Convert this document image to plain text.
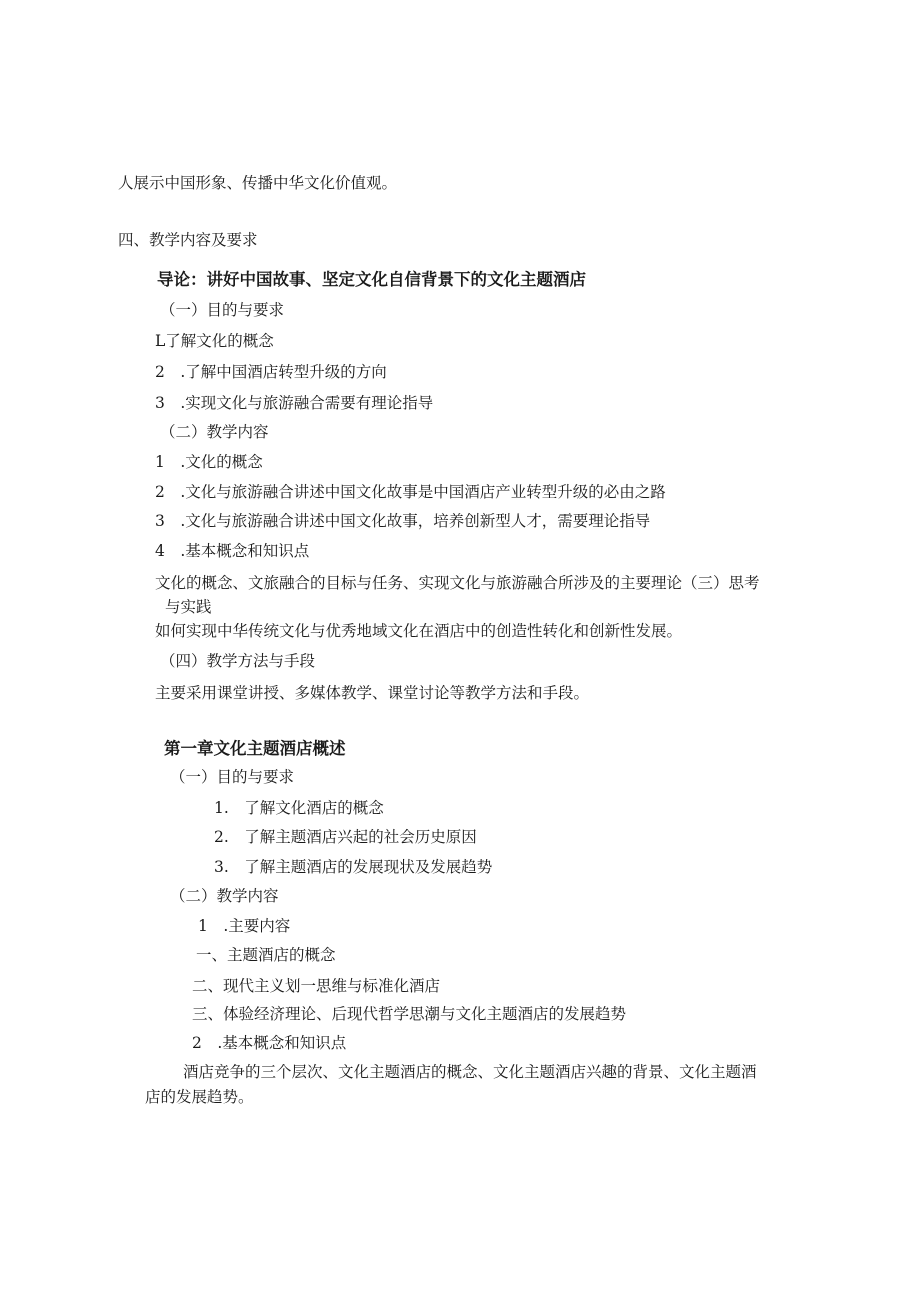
人展示中国形象、传播中华文化价值观。
四、教学内容及要求
导论：讲好中国故事、坚定文化自信背景下的文化主题酒店
（一）目的与要求
L了解文化的概念
2　.了解中国酒店转型升级的方向
3　.实现文化与旅游融合需要有理论指导
（二）教学内容
1　.文化的概念
2　.文化与旅游融合讲述中国文化故事是中国酒店产业转型升级的必由之路
3　.文化与旅游融合讲述中国文化故事，培养创新型人才，需要理论指导
4　.基本概念和知识点
文化的概念、文旅融合的目标与任务、实现文化与旅游融合所涉及的主要理论（三）思考
与实践
如何实现中华传统文化与优秀地域文化在酒店中的创造性转化和创新性发展。
（四）教学方法与手段
主要采用课堂讲授、多媒体教学、课堂讨论等教学方法和手段。
第一章文化主题酒店概述
（一）目的与要求
1.　了解文化酒店的概念
2.　了解主题酒店兴起的社会历史原因
3.　了解主题酒店的发展现状及发展趋势
（二）教学内容
1　.主要内容
一、主题酒店的概念
二、现代主义划一思维与标准化酒店
三、体验经济理论、后现代哲学思潮与文化主题酒店的发展趋势
2　.基本概念和知识点
酒店竞争的三个层次、文化主题酒店的概念、文化主题酒店兴趣的背景、文化主题酒
店的发展趋势。
